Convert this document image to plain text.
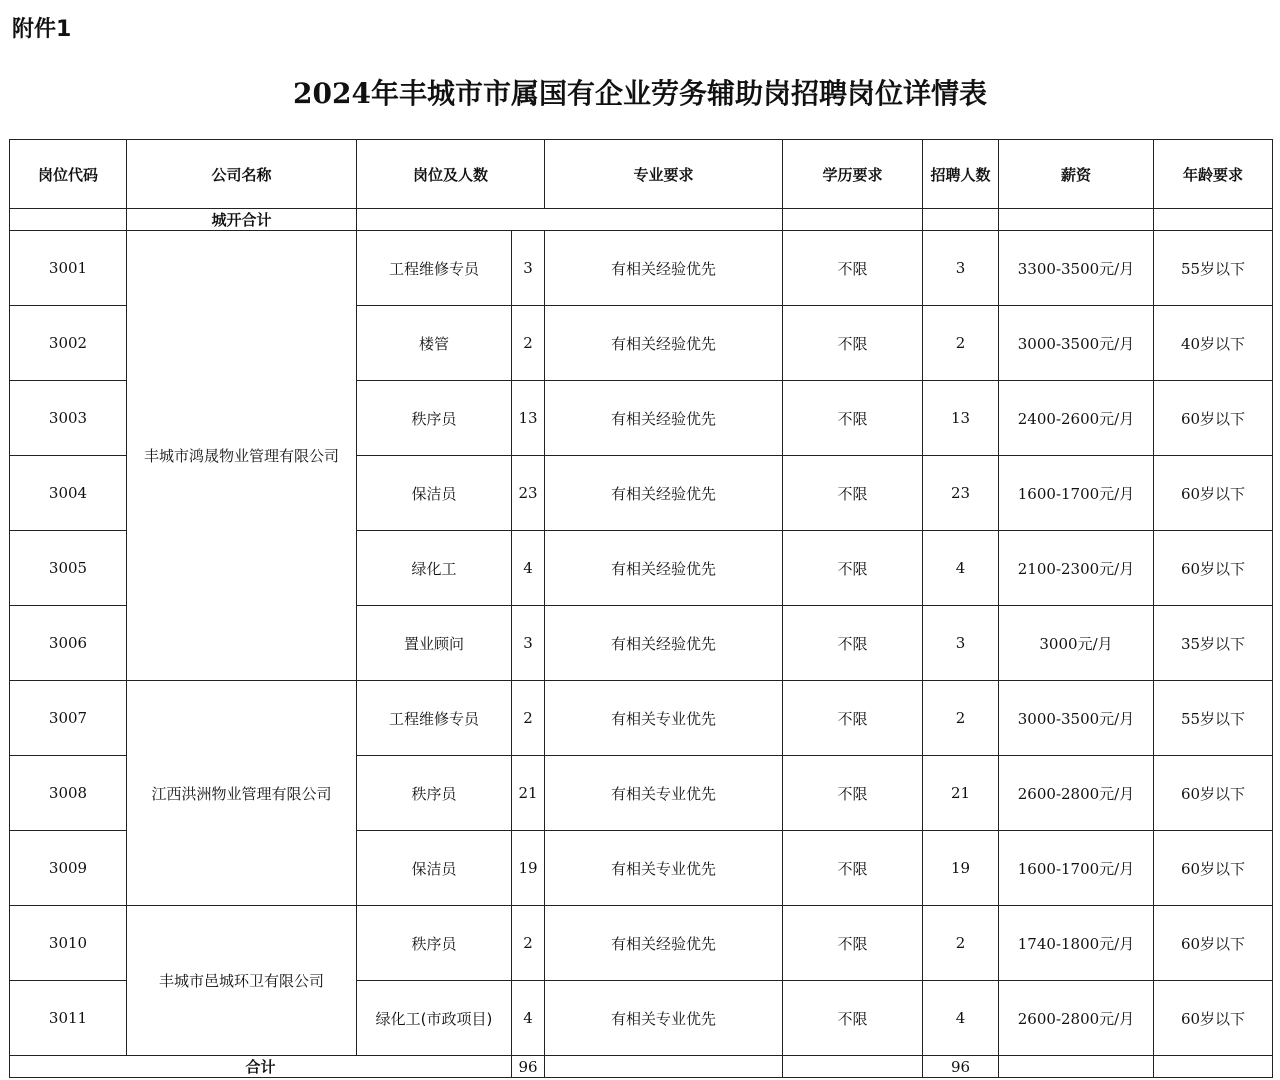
附件1
2024年丰城市市属国有企业劳务辅助岗招聘岗位详情表
岗位代码	公司名称	岗位及人数		专业要求	学历要求	招聘人数	薪资	年龄要求
	城开合计							
3001	丰城市鸿晟物业管理有限公司	工程维修专员	3	有相关经验优先	不限	3	3300-3500元/月	55岁以下
3002		楼管	2	有相关经验优先	不限	2	3000-3500元/月	40岁以下
3003		秩序员	13	有相关经验优先	不限	13	2400-2600元/月	60岁以下
3004		保洁员	23	有相关经验优先	不限	23	1600-1700元/月	60岁以下
3005		绿化工	4	有相关经验优先	不限	4	2100-2300元/月	60岁以下
3006		置业顾问	3	有相关经验优先	不限	3	3000元/月	35岁以下
3007	江西洪洲物业管理有限公司	工程维修专员	2	有相关专业优先	不限	2	3000-3500元/月	55岁以下
3008		秩序员	21	有相关专业优先	不限	21	2600-2800元/月	60岁以下
3009		保洁员	19	有相关专业优先	不限	19	1600-1700元/月	60岁以下
3010	丰城市邑城环卫有限公司	秩序员	2	有相关经验优先	不限	2	1740-1800元/月	60岁以下
3011		绿化工(市政项目)	4	有相关专业优先	不限	4	2600-2800元/月	60岁以下
合计			96			96		
